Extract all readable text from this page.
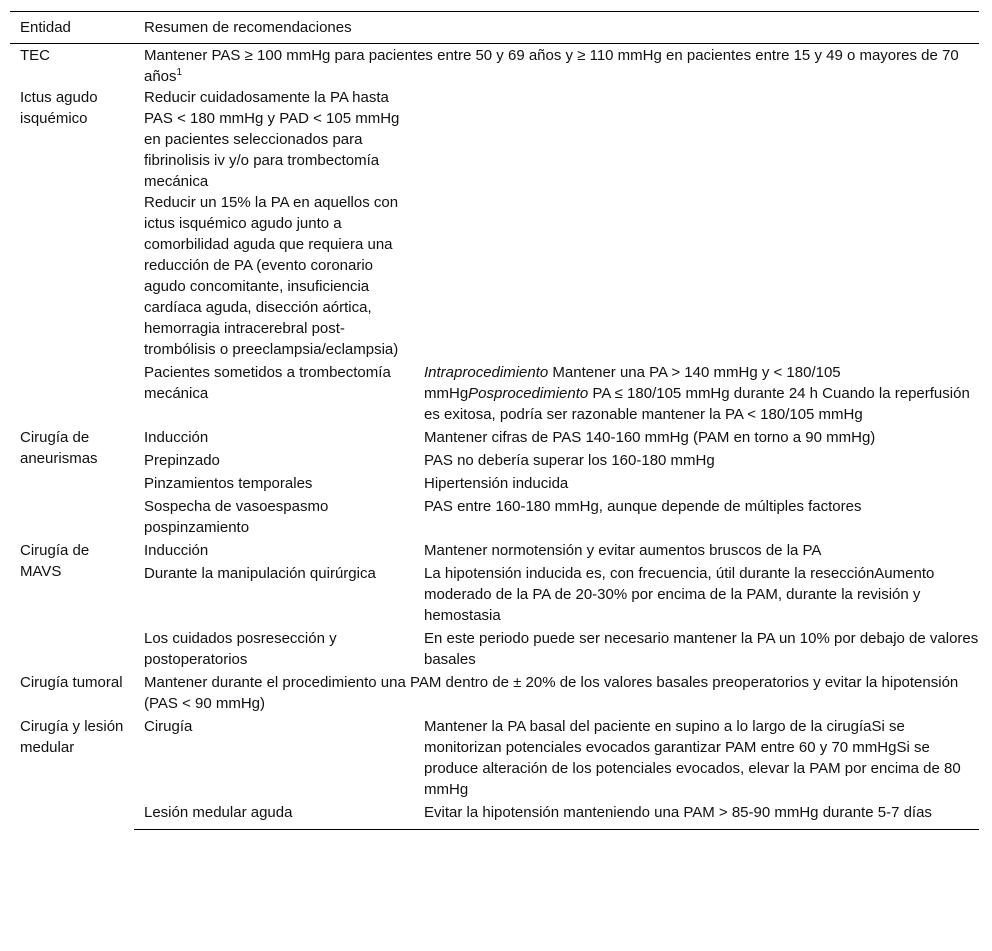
Entidad	Resumen de recomendaciones	
TEC	Mantener PAS ≥ 100 mmHg para pacientes entre 50 y 69 años y ≥ 110 mmHg en pacientes entre 15 y 49 o mayores de 70 años$^1$
Ictus agudo isquémico	Reducir cuidadosamente la PA hasta PAS < 180 mmHg y PAD < 105 mmHg en pacientes seleccionados para fibrinolisis iv y/o para trombectomía mecánica	
	Reducir un 15% la PA en aquellos con ictus isquémico agudo junto a comorbilidad aguda que requiera una reducción de PA (evento coronario agudo concomitante, insuficiencia cardíaca aguda, disección aórtica, hemorragia intracerebral post-trombólisis o preeclampsia/eclampsia)	
	Pacientes sometidos a trombectomía mecánica	Intraprocedimiento Mantener una PA > 140 mmHg y < 180/105 mmHgPosprocedimiento PA ≤ 180/105 mmHg durante 24 h Cuando la reperfusión es exitosa, podría ser razonable mantener la PA < 180/105 mmHg
Cirugía de aneurismas	Inducción	Mantener cifras de PAS 140-160 mmHg (PAM en torno a 90 mmHg)
	Prepinzado	PAS no debería superar los 160-180 mmHg
	Pinzamientos temporales	Hipertensión inducida
	Sospecha de vasoespasmo pospinzamiento	PAS entre 160-180 mmHg, aunque depende de múltiples factores
Cirugía de MAVS	Inducción	Mantener normotensión y evitar aumentos bruscos de la PA
	Durante la manipulación quirúrgica	La hipotensión inducida es, con frecuencia, útil durante la resecciónAumento moderado de la PA de 20-30% por encima de la PAM, durante la revisión y hemostasia
	Los cuidados posresección y postoperatorios	En este periodo puede ser necesario mantener la PA un 10% por debajo de valores basales
Cirugía tumoral	Mantener durante el procedimiento una PAM dentro de ± 20% de los valores basales preoperatorios y evitar la hipotensión (PAS < 90 mmHg)	
Cirugía y lesión medular	Cirugía	Mantener la PA basal del paciente en supino a lo largo de la cirugíaSi se monitorizan potenciales evocados garantizar PAM entre 60 y 70 mmHgSi se produce alteración de los potenciales evocados, elevar la PAM por encima de 80 mmHg
	Lesión medular aguda	Evitar la hipotensión manteniendo una PAM > 85-90 mmHg durante 5-7 días
